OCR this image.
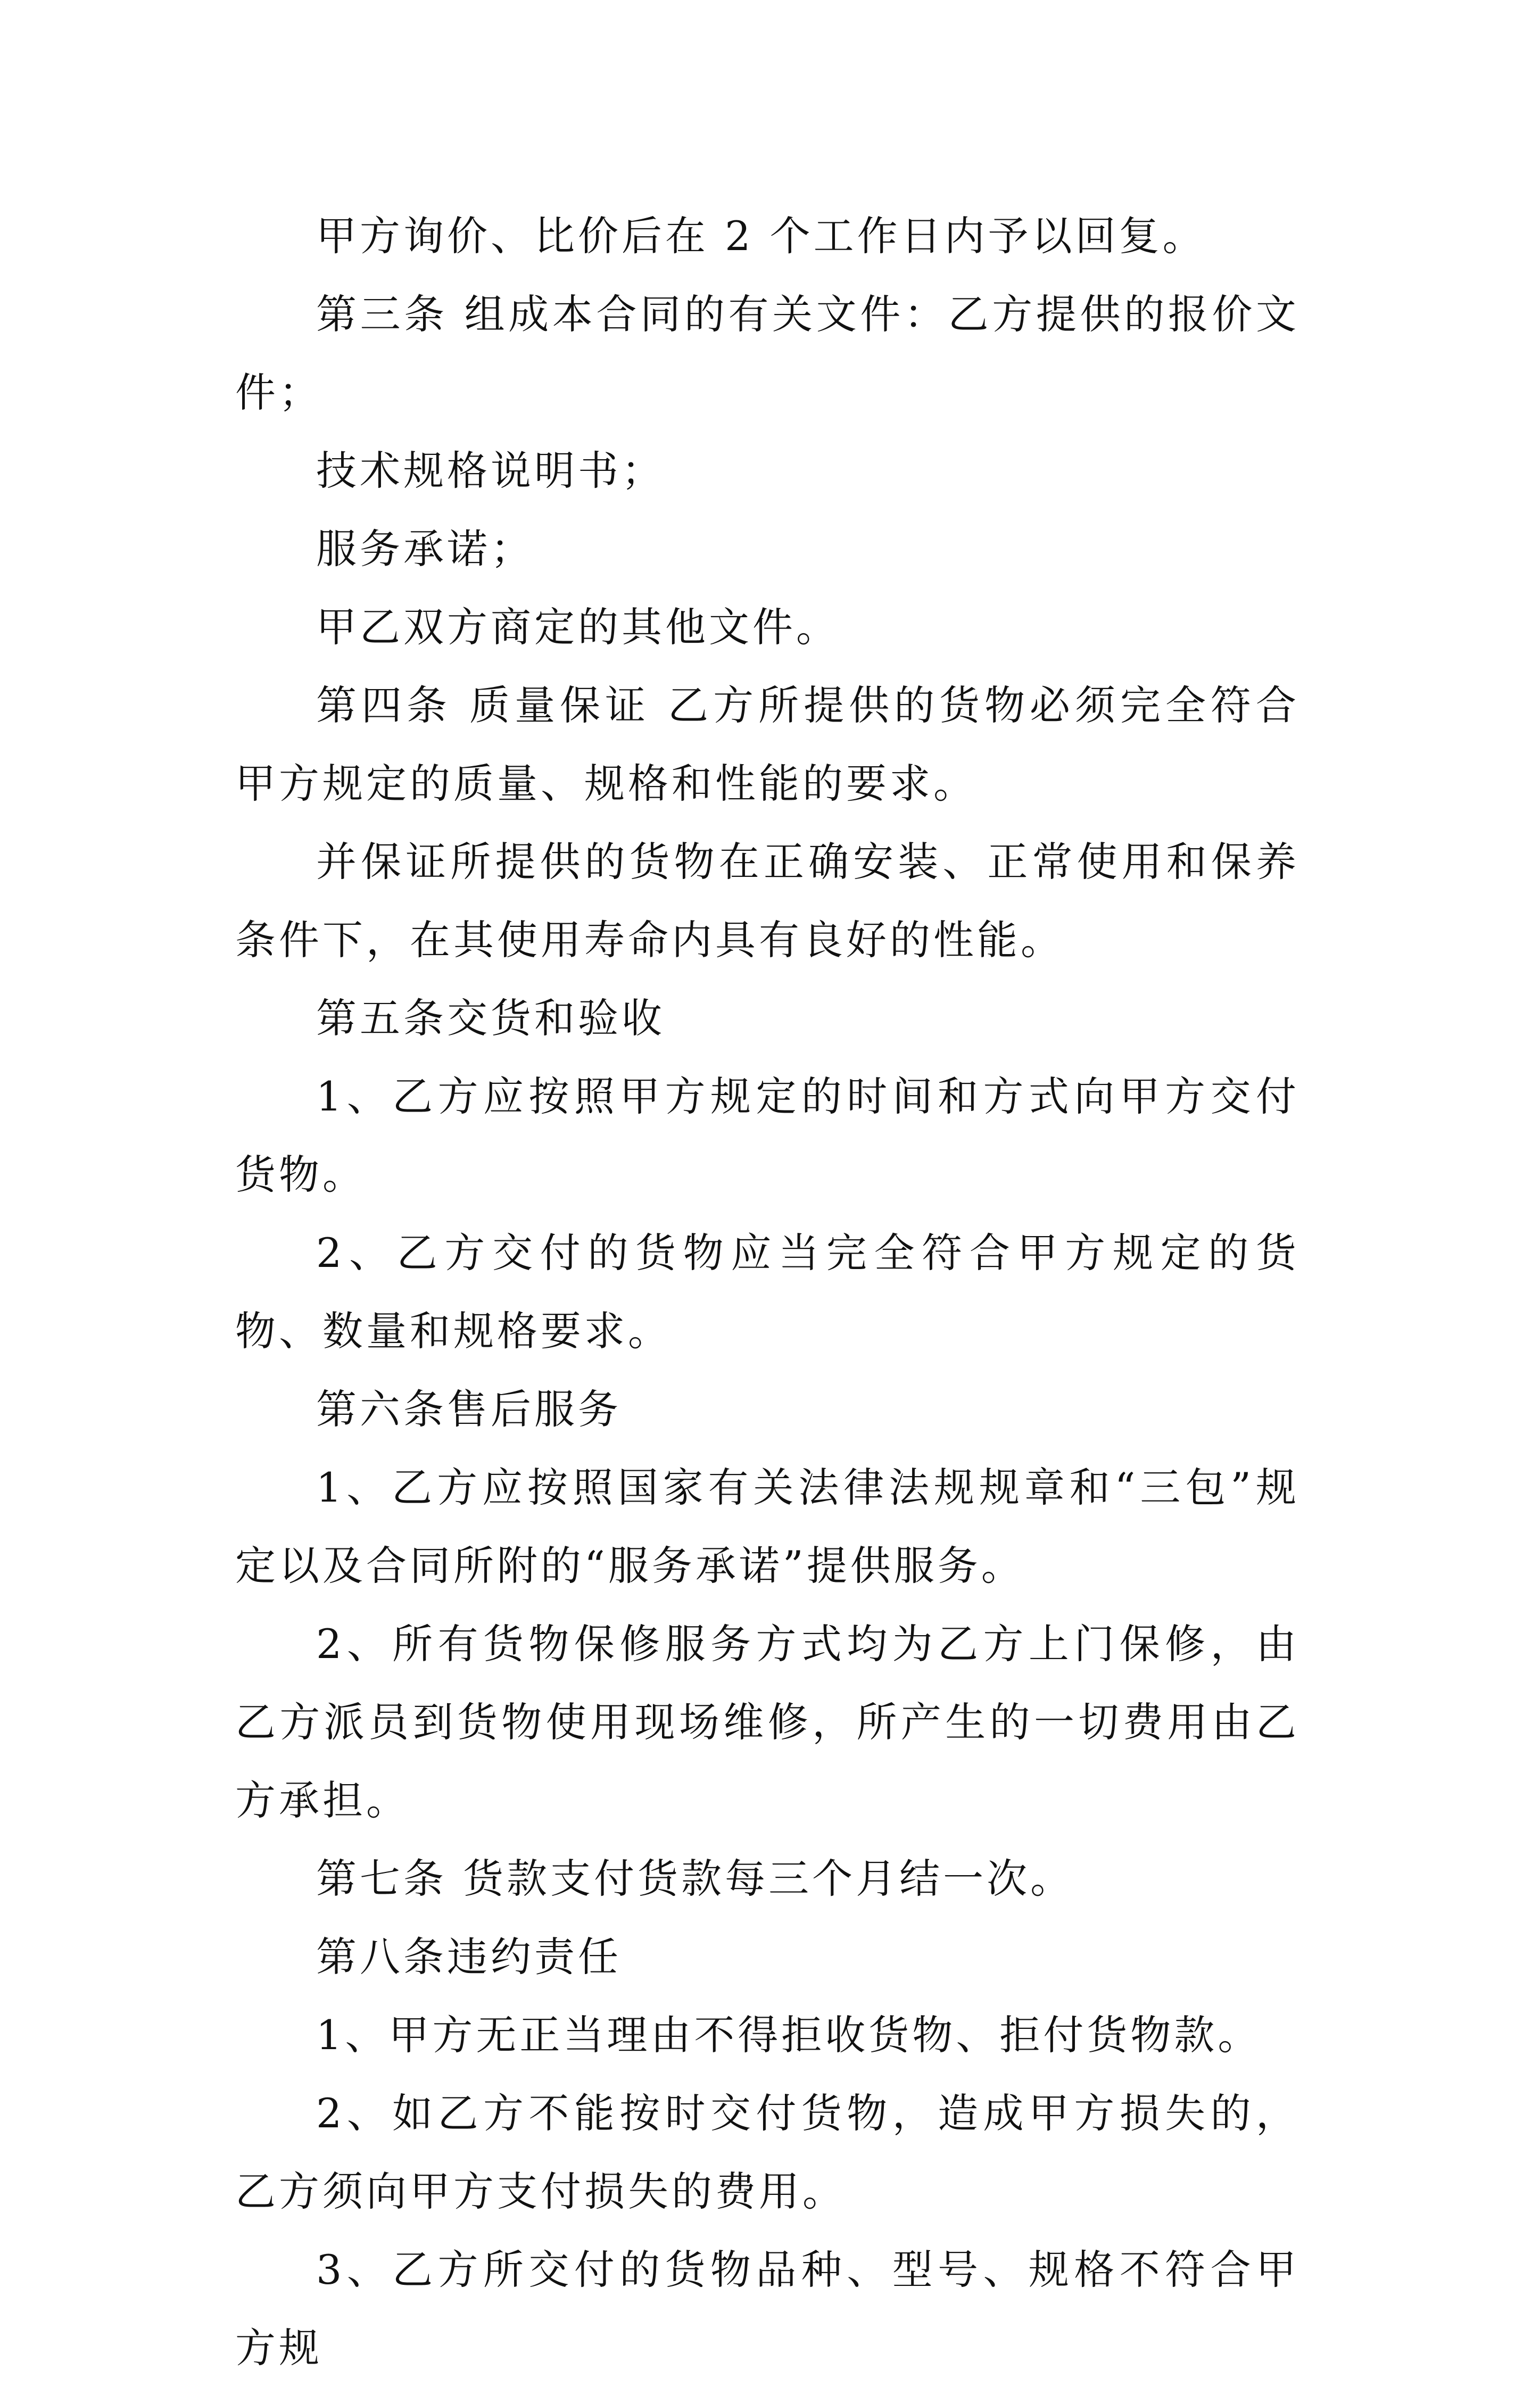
甲方询价、比价后在 2 个工作日内予以回复。

第三条 组成本合同的有关文件：乙方提供的报价文件；

技术规格说明书；

服务承诺；

甲乙双方商定的其他文件。

第四条 质量保证 乙方所提供的货物必须完全符合甲方规定的质量、规格和性能的要求。

并保证所提供的货物在正确安装、正常使用和保养条件下，在其使用寿命内具有良好的性能。

第五条交货和验收

1、乙方应按照甲方规定的时间和方式向甲方交付货物。

2、乙方交付的货物应当完全符合甲方规定的货物、数量和规格要求。

第六条售后服务

1、乙方应按照国家有关法律法规规章和“三包”规定以及合同所附的“服务承诺”提供服务。

2、所有货物保修服务方式均为乙方上门保修，由乙方派员到货物使用现场维修，所产生的一切费用由乙方承担。

第七条 货款支付货款每三个月结一次。

第八条违约责任

1、甲方无正当理由不得拒收货物、拒付货物款。

2、如乙方不能按时交付货物，造成甲方损失的，乙方须向甲方支付损失的费用。

3、乙方所交付的货物品种、型号、规格不符合甲方规
